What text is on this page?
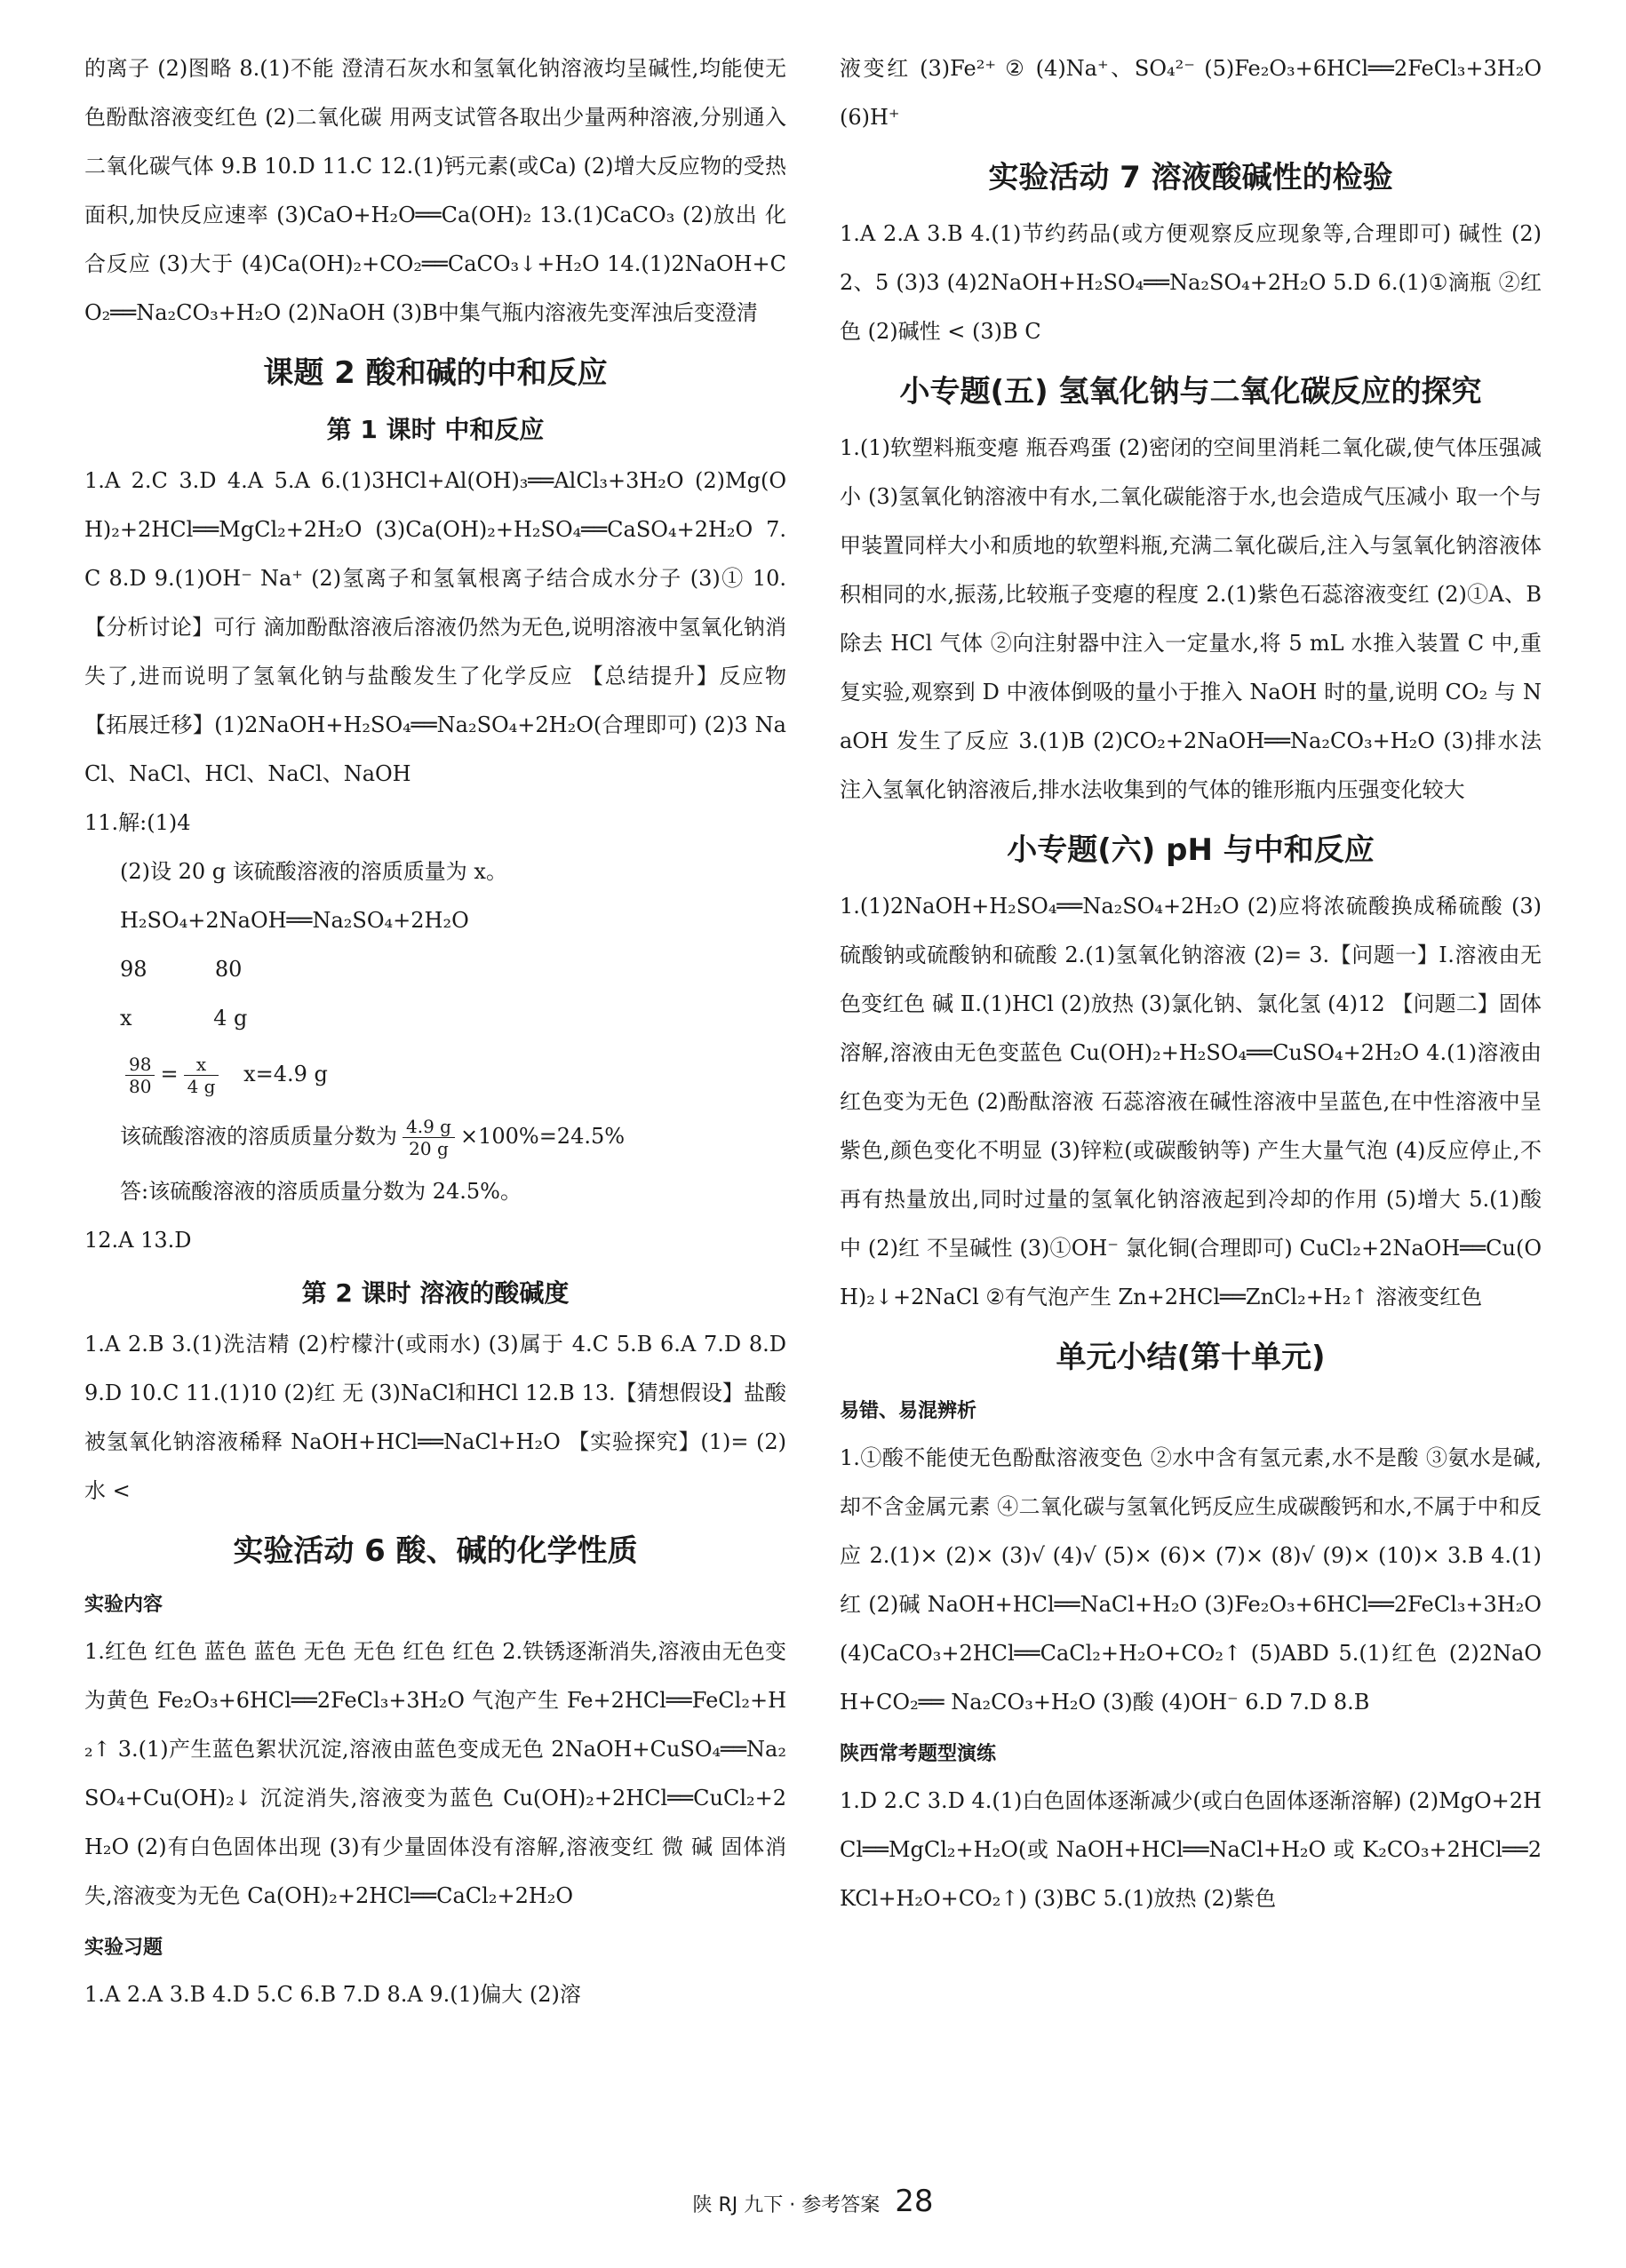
的离子 (2)图略 8.(1)不能 澄清石灰水和氢氧化钠溶液均呈碱性,均能使无色酚酞溶液变红色 (2)二氧化碳 用两支试管各取出少量两种溶液,分别通入二氧化碳气体 9.B 10.D 11.C 12.(1)钙元素(或Ca) (2)增大反应物的受热面积,加快反应速率 (3)CaO+H₂O══Ca(OH)₂ 13.(1)CaCO₃ (2)放出 化合反应 (3)大于 (4)Ca(OH)₂+CO₂══CaCO₃↓+H₂O 14.(1)2NaOH+CO₂══Na₂CO₃+H₂O (2)NaOH (3)B中集气瓶内溶液先变浑浊后变澄清

课题 2 酸和碱的中和反应
第 1 课时 中和反应

1.A 2.C 3.D 4.A 5.A 6.(1)3HCl+Al(OH)₃══AlCl₃+3H₂O (2)Mg(OH)₂+2HCl══MgCl₂+2H₂O (3)Ca(OH)₂+H₂SO₄══CaSO₄+2H₂O 7.C 8.D 9.(1)OH⁻ Na⁺ (2)氢离子和氢氧根离子结合成水分子 (3)① 10.【分析讨论】可行 滴加酚酞溶液后溶液仍然为无色,说明溶液中氢氧化钠消失了,进而说明了氢氧化钠与盐酸发生了化学反应 【总结提升】反应物 【拓展迁移】(1)2NaOH+H₂SO₄══Na₂SO₄+2H₂O(合理即可) (2)3 NaCl、NaCl、HCl、NaCl、NaOH

11.解:(1)4

(2)设 20 g 该硫酸溶液的溶质质量为 x。

H₂SO₄+2NaOH══Na₂SO₄+2H₂O

98          80

x            4 g

$\frac{98}{80} = \frac{x}{4 g} x=4.9$ g
该硫酸溶液的溶质质量分数为 $\frac{4.9 g}{20 g} \times 100\%=24.5\%$

答:该硫酸溶液的溶质质量分数为 24.5%。

12.A 13.D

第 2 课时 溶液的酸碱度

1.A 2.B 3.(1)洗洁精 (2)柠檬汁(或雨水) (3)属于 4.C 5.B 6.A 7.D 8.D 9.D 10.C 11.(1)10 (2)红 无 (3)NaCl和HCl 12.B 13.【猜想假设】盐酸被氢氧化钠溶液稀释 NaOH+HCl══NaCl+H₂O 【实验探究】(1)= (2)水 <

实验活动 6 酸、碱的化学性质
实验内容

1.红色 红色 蓝色 蓝色 无色 无色 红色 红色 2.铁锈逐渐消失,溶液由无色变为黄色 Fe₂O₃+6HCl══2FeCl₃+3H₂O 气泡产生 Fe+2HCl══FeCl₂+H₂↑ 3.(1)产生蓝色絮状沉淀,溶液由蓝色变成无色 2NaOH+CuSO₄══Na₂SO₄+Cu(OH)₂↓ 沉淀消失,溶液变为蓝色 Cu(OH)₂+2HCl══CuCl₂+2H₂O (2)有白色固体出现 (3)有少量固体没有溶解,溶液变红 微 碱 固体消失,溶液变为无色 Ca(OH)₂+2HCl══CaCl₂+2H₂O

实验习题

1.A 2.A 3.B 4.D 5.C 6.B 7.D 8.A 9.(1)偏大 (2)溶

液变红 (3)Fe²⁺ ② (4)Na⁺、SO₄²⁻ (5)Fe₂O₃+6HCl══2FeCl₃+3H₂O (6)H⁺

实验活动 7 溶液酸碱性的检验

1.A 2.A 3.B 4.(1)节约药品(或方便观察反应现象等,合理即可) 碱性 (2)2、5 (3)3 (4)2NaOH+H₂SO₄══Na₂SO₄+2H₂O 5.D 6.(1)①滴瓶 ②红色 (2)碱性 < (3)B C

小专题(五) 氢氧化钠与二氧化碳反应的探究

1.(1)软塑料瓶变瘪 瓶吞鸡蛋 (2)密闭的空间里消耗二氧化碳,使气体压强减小 (3)氢氧化钠溶液中有水,二氧化碳能溶于水,也会造成气压减小 取一个与甲装置同样大小和质地的软塑料瓶,充满二氧化碳后,注入与氢氧化钠溶液体积相同的水,振荡,比较瓶子变瘪的程度 2.(1)紫色石蕊溶液变红 (2)①A、B 除去 HCl 气体 ②向注射器中注入一定量水,将 5 mL 水推入装置 C 中,重复实验,观察到 D 中液体倒吸的量小于推入 NaOH 时的量,说明 CO₂ 与 NaOH 发生了反应 3.(1)B (2)CO₂+2NaOH══Na₂CO₃+H₂O (3)排水法 注入氢氧化钠溶液后,排水法收集到的气体的锥形瓶内压强变化较大

小专题(六) pH 与中和反应

1.(1)2NaOH+H₂SO₄══Na₂SO₄+2H₂O (2)应将浓硫酸换成稀硫酸 (3)硫酸钠或硫酸钠和硫酸 2.(1)氢氧化钠溶液 (2)= 3.【问题一】Ⅰ.溶液由无色变红色 碱 Ⅱ.(1)HCl (2)放热 (3)氯化钠、氯化氢 (4)12 【问题二】固体溶解,溶液由无色变蓝色 Cu(OH)₂+H₂SO₄══CuSO₄+2H₂O 4.(1)溶液由红色变为无色 (2)酚酞溶液 石蕊溶液在碱性溶液中呈蓝色,在中性溶液中呈紫色,颜色变化不明显 (3)锌粒(或碳酸钠等) 产生大量气泡 (4)反应停止,不再有热量放出,同时过量的氢氧化钠溶液起到冷却的作用 (5)增大 5.(1)酸 中 (2)红 不呈碱性 (3)①OH⁻ 氯化铜(合理即可) CuCl₂+2NaOH══Cu(OH)₂↓+2NaCl ②有气泡产生 Zn+2HCl══ZnCl₂+H₂↑ 溶液变红色

单元小结(第十单元)
易错、易混辨析

1.①酸不能使无色酚酞溶液变色 ②水中含有氢元素,水不是酸 ③氨水是碱,却不含金属元素 ④二氧化碳与氢氧化钙反应生成碳酸钙和水,不属于中和反应 2.(1)× (2)× (3)√ (4)√ (5)× (6)× (7)× (8)√ (9)× (10)× 3.B 4.(1)红 (2)碱 NaOH+HCl══NaCl+H₂O (3)Fe₂O₃+6HCl══2FeCl₃+3H₂O (4)CaCO₃+2HCl══CaCl₂+H₂O+CO₂↑ (5)ABD 5.(1)红色 (2)2NaOH+CO₂══ Na₂CO₃+H₂O (3)酸 (4)OH⁻ 6.D 7.D 8.B

陕西常考题型演练

1.D 2.C 3.D 4.(1)白色固体逐渐减少(或白色固体逐渐溶解) (2)MgO+2HCl══MgCl₂+H₂O(或 NaOH+HCl══NaCl+H₂O 或 K₂CO₃+2HCl══2KCl+H₂O+CO₂↑) (3)BC 5.(1)放热 (2)紫色

陕 RJ 九下 · 参考答案 28
